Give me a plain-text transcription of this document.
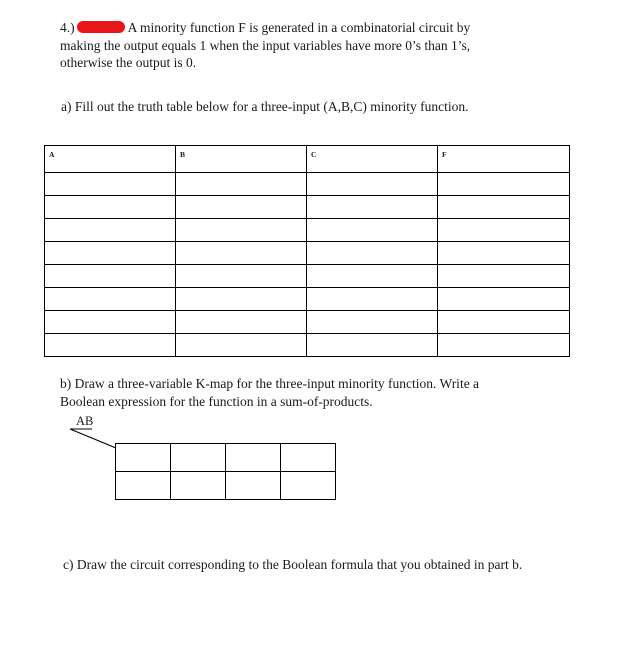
4.)	A minority function F is generated in a combinatorial circuit by
making the output equals 1 when the input variables have more 0’s than 1’s,
otherwise the output is 0.
a) Fill out the truth table below for a three-input (A,B,C) minority function.
A	B	C	F

b) Draw a three-variable K-map for the three-input minority function. Write a
Boolean expression for the function in a sum-of-products.
AB

c) Draw the circuit corresponding to the Boolean formula that you obtained in part b.
